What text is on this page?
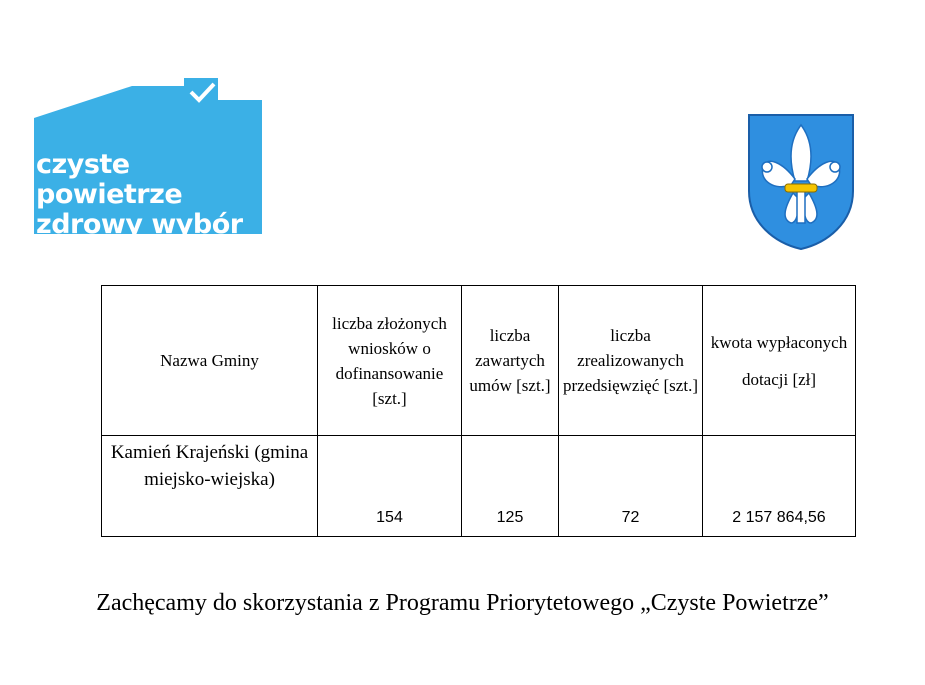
czyste powietrze
zdrowy wybór
Nazwa Gminy	liczba złożonych wniosków o dofinansowanie [szt.]	liczba zawartych umów [szt.]	liczba zrealizowanych przedsięwzięć [szt.]	kwota wypłaconych dotacji [zł]
Kamień Krajeński (gmina miejsko-wiejska)	154	125	72	2 157 864,56
Zachęcamy do skorzystania z Programu Priorytetowego „Czyste Powietrze”
